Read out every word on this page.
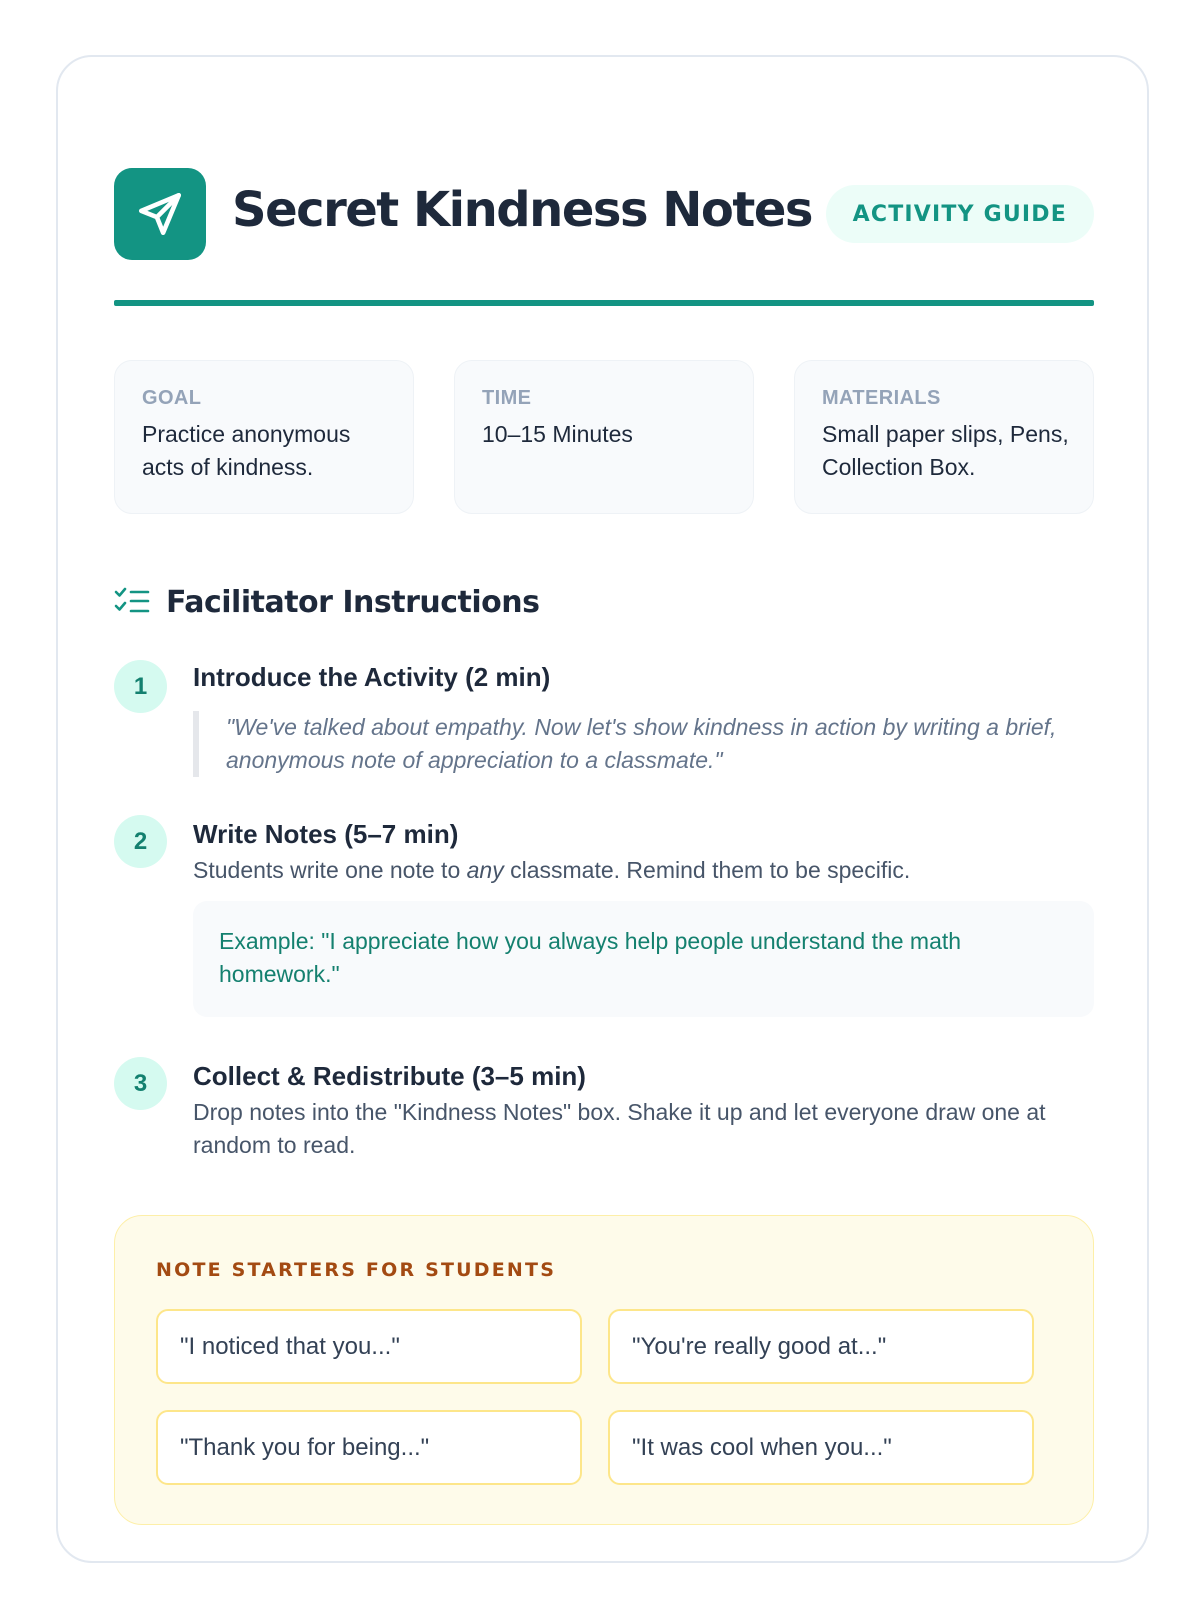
Secret Kindness Notes	ACTIVITY GUIDE
GOAL
Practice anonymous acts of kindness.
TIME
10–15 Minutes
MATERIALS
Small paper slips, Pens, Collection Box.
Facilitator Instructions
1	Introduce the Activity (2 min)
"We've talked about empathy. Now let's show kindness in action by writing a brief, anonymous note of appreciation to a classmate."
2	Write Notes (5–7 min)
Students write one note to any classmate. Remind them to be specific.
Example: "I appreciate how you always help people understand the math homework."
3	Collect & Redistribute (3–5 min)
Drop notes into the "Kindness Notes" box. Shake it up and let everyone draw one at random to read.
NOTE STARTERS FOR STUDENTS
"I noticed that you..."	"You're really good at..."
"Thank you for being..."	"It was cool when you..."
